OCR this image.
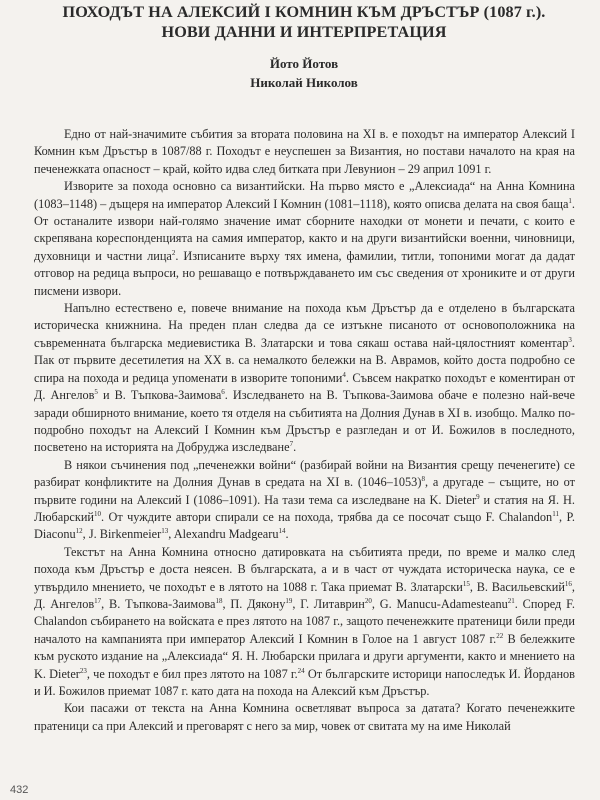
ПОХОДЪТ НА АЛЕКСИЙ I КОМНИН КЪМ ДРЪСТЪР (1087 г.).
НОВИ ДАННИ И ИНТЕРПРЕТАЦИЯ
Йото Йотов
Николай Николов

Едно от най-значимите събития за втората половина на XI в. е походът на император Алексий I Комнин към Дръстър в 1087/88 г. Походът е неуспешен за Византия, но постави началото на края на печенежката опасност – край, който идва след битката при Левунион – 29 април 1091 г.

Изворите за похода основно са византийски. На първо място е „Алексиада“ на Анна Комнина (1083–1148) – дъщеря на император Алексий I Комнин (1081–1118), която описва делата на своя баща$^1$. От останалите извори най-голямо значение имат сборните находки от монети и печати, с които е скрепявана кореспонденцията на самия император, както и на други византийски военни, чиновници, духовници и частни лица$^2$. Изписаните върху тях имена, фамилии, титли, топоними могат да дадат отговор на редица въпроси, но решаващо е потвърждаването им със сведения от хрониките и от други писмени извори.

Напълно естествено е, повече внимание на похода към Дръстър да е отделено в българската историческа книжнина. На преден план следва да се изтъкне писаното от основоположника на съвременната българска медиевистика В. Златарски и това сякаш остава най-цялостният коментар$^3$. Пак от първите десетилетия на XX в. са немалкото бележки на В. Аврамов, който доста подробно се спира на похода и редица упоменати в изворите топоними$^4$. Съвсем накратко походът е коментиран от Д. Ангелов$^5$ и В. Тъпкова-Заимова$^6$. Изследването на В. Тъпкова-Заимова обаче е полезно най-вече заради обширното внимание, което тя отделя на събитията на Долния Дунав в XI в. изобщо. Малко по-подробно походът на Алексий I Комнин към Дръстър е разгледан и от И. Божилов в последното, посветено на историята на Добруджа изследване$^7$.

В някои съчинения под „печенежки войни“ (разбирай войни на Византия срещу печенегите) се разбират конфликтите на Долния Дунав в средата на XI в. (1046–1053)$^8$, а другаде – същите, но от първите години на Алексий I (1086–1091). На тази тема са изследване на K. Dieter$^9$ и статия на Я. Н. Любарский$^{10}$. От чуждите автори спирали се на похода, трябва да се посочат също F. Chalandon$^{11}$, P. Diaconu$^{12}$, J. Birkenmeier$^{13}$, Alexandru Madgearu$^{14}$.

Текстът на Анна Комнина относно датировката на събитията преди, по време и малко след похода към Дръстър е доста неясен. В българската, а и в част от чуждата историческа наука, се е утвърдило мнението, че походът е в лятото на 1088 г. Така приемат В. Златарски$^{15}$, В. Васильевский$^{16}$, Д. Ангелов$^{17}$, В. Тъпкова-Заимова$^{18}$, П. Дякону$^{19}$, Г. Литаврин$^{20}$, G. Manucu-Adamesteanu$^{21}$. Според F. Chalandon събирането на войската е през лятото на 1087 г., защото печенежките пратеници били преди началото на кампанията при император Алексий I Комнин в Голое на 1 август 1087 г.$^{22}$ В бележките към руското издание на „Алексиада“ Я. Н. Любарски прилага и други аргументи, както и мнението на K. Dieter$^{23}$, че походът е бил през лятото на 1087 г.$^{24}$ От българските историци напоследък И. Йорданов и И. Божилов приемат 1087 г. като дата на похода на Алексий към Дръстър.

Кои пасажи от текста на Анна Комнина осветляват въпроса за датата? Когато печенежките пратеници са при Алексий и преговарят с него за мир, човек от свитата му на име Николай

432
